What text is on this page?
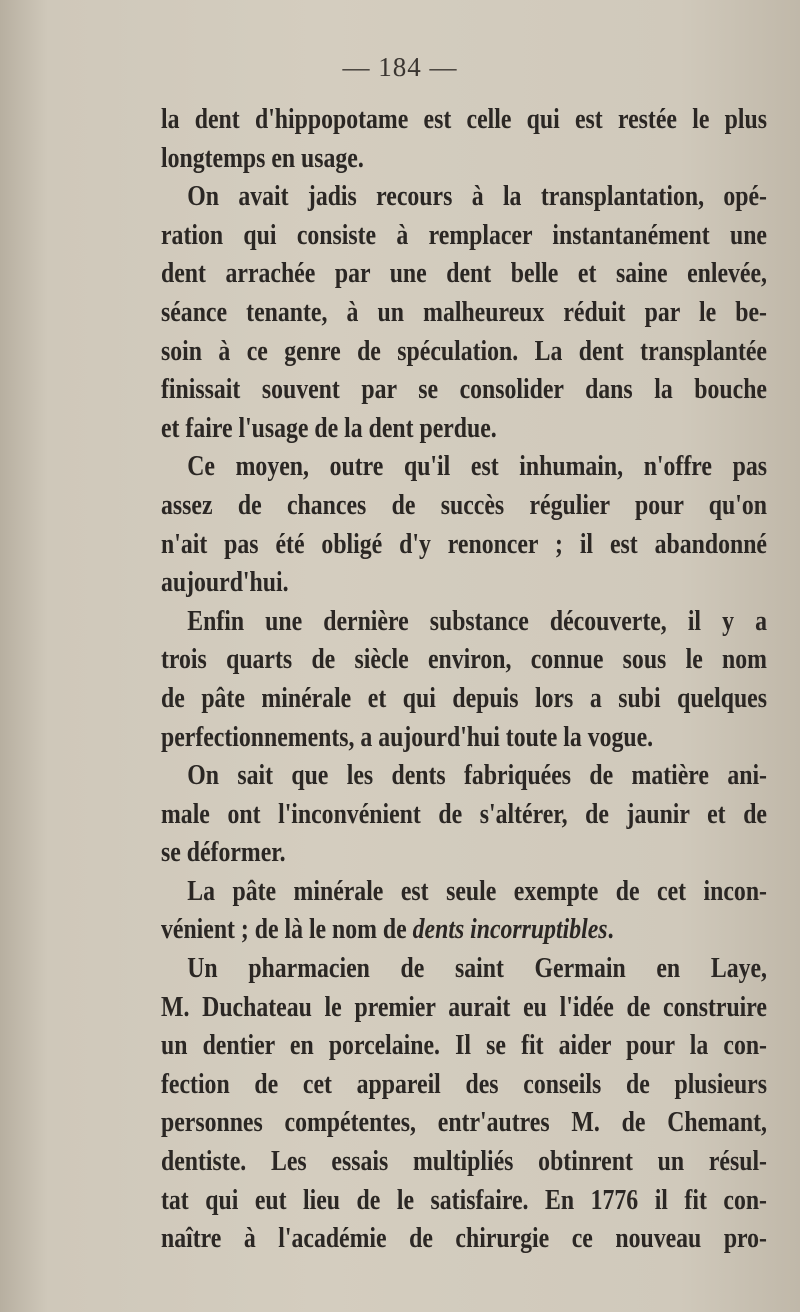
— 184 —
la dent d'hippopotame est celle qui est restée le plus
longtemps en usage.
On avait jadis recours à la transplantation, opé-
ration qui consiste à remplacer instantanément une
dent arrachée par une dent belle et saine enlevée,
séance tenante, à un malheureux réduit par le be-
soin à ce genre de spéculation. La dent transplantée
finissait souvent par se consolider dans la bouche
et faire l'usage de la dent perdue.
Ce moyen, outre qu'il est inhumain, n'offre pas
assez de chances de succès régulier pour qu'on
n'ait pas été obligé d'y renoncer ; il est abandonné
aujourd'hui.
Enfin une dernière substance découverte, il y a
trois quarts de siècle environ, connue sous le nom
de pâte minérale et qui depuis lors a subi quelques
perfectionnements, a aujourd'hui toute la vogue.
On sait que les dents fabriquées de matière ani-
male ont l'inconvénient de s'altérer, de jaunir et de
se déformer.
La pâte minérale est seule exempte de cet incon-
vénient ; de là le nom de dents incorruptibles.
Un pharmacien de saint Germain en Laye,
M. Duchateau le premier aurait eu l'idée de construire
un dentier en porcelaine. Il se fit aider pour la con-
fection de cet appareil des conseils de plusieurs
personnes compétentes, entr'autres M. de Chemant,
dentiste. Les essais multipliés obtinrent un résul-
tat qui eut lieu de le satisfaire. En 1776 il fit con-
naître à l'académie de chirurgie ce nouveau pro-
